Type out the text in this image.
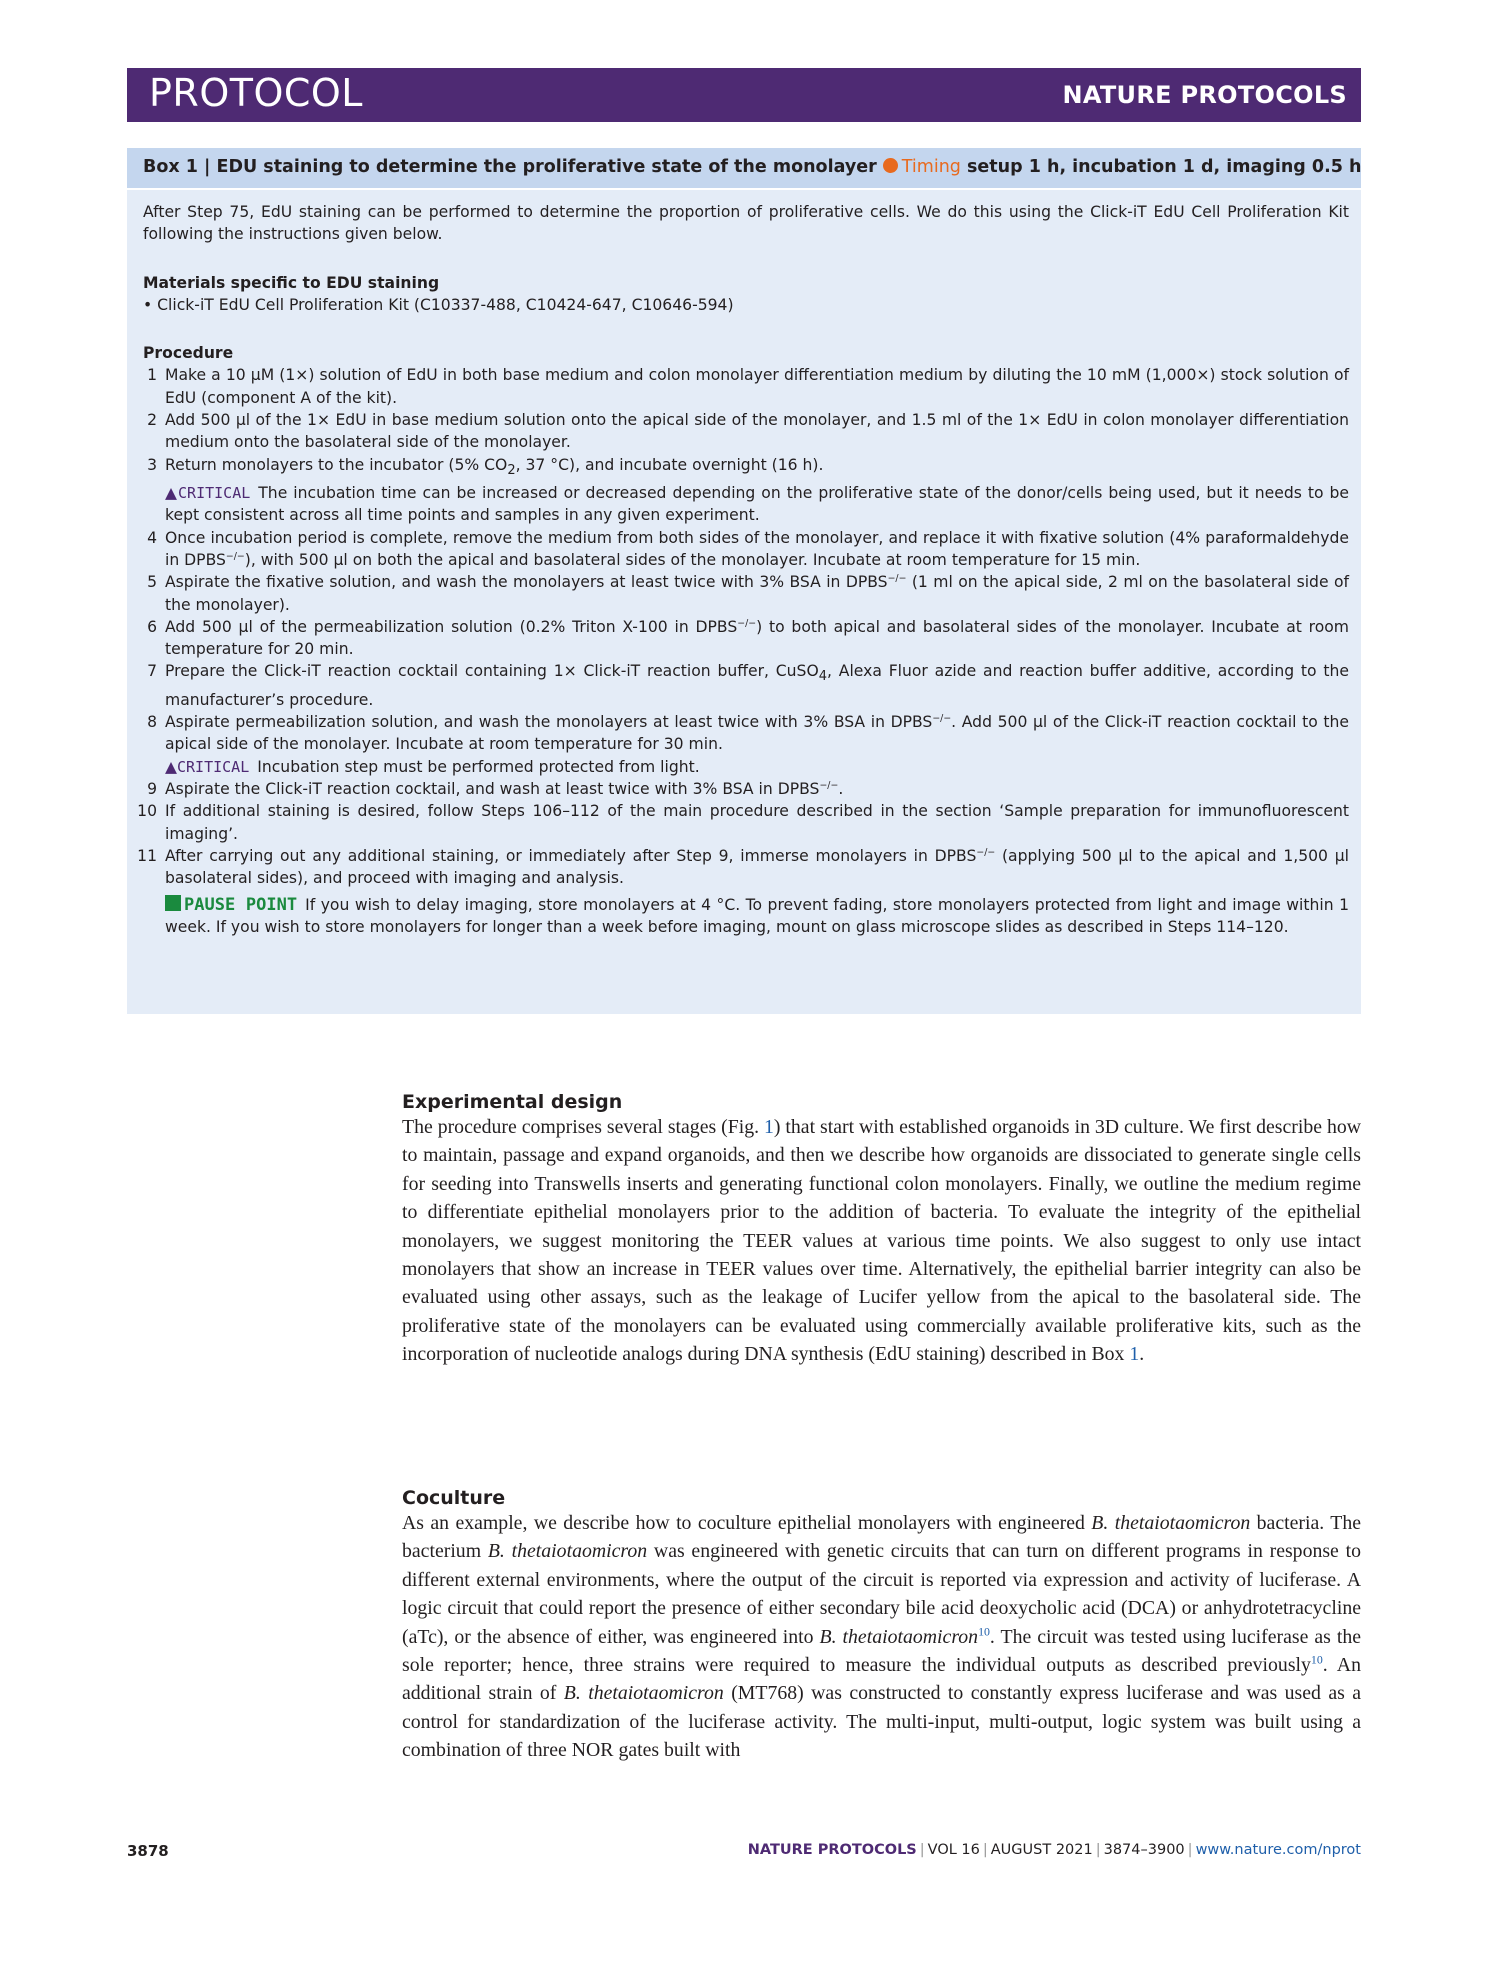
PROTOCOL	NATURE PROTOCOLS
Box 1 | EDU staining to determine the proliferative state of the monolayer Timing setup 1 h, incubation 1 d, imaging 0.5 h

After Step 75, EdU staining can be performed to determine the proportion of proliferative cells. We do this using the Click-iT EdU Cell Proliferation Kit following the instructions given below.

Materials specific to EDU staining

• Click-iT EdU Cell Proliferation Kit (C10337-488, C10424-647, C10646-594)

Procedure

1 Make a 10 μM (1×) solution of EdU in both base medium and colon monolayer differentiation medium by diluting the 10 mM (1,000×) stock solution of EdU (component A of the kit).
2 Add 500 μl of the 1× EdU in base medium solution onto the apical side of the monolayer, and 1.5 ml of the 1× EdU in colon monolayer differentiation medium onto the basolateral side of the monolayer.
3 Return monolayers to the incubator (5% $CO_2$, 37 °C), and incubate overnight (16 h).
▲CRITICAL The incubation time can be increased or decreased depending on the proliferative state of the donor/cells being used, but it needs to be kept consistent across all time points and samples in any given experiment.
4 Once incubation period is complete, remove the medium from both sides of the monolayer, and replace it with fixative solution (4% paraformaldehyde in DPBS−/−), with 500 μl on both the apical and basolateral sides of the monolayer. Incubate at room temperature for 15 min.
5 Aspirate the fixative solution, and wash the monolayers at least twice with 3% BSA in DPBS−/− (1 ml on the apical side, 2 ml on the basolateral side of the monolayer).
6 Add 500 μl of the permeabilization solution (0.2% Triton X-100 in DPBS−/−) to both apical and basolateral sides of the monolayer. Incubate at room temperature for 20 min.
7 Prepare the Click-iT reaction cocktail containing 1× Click-iT reaction buffer, CuSO$_4$, Alexa Fluor azide and reaction buffer additive, according to the manufacturer’s procedure.
8 Aspirate permeabilization solution, and wash the monolayers at least twice with 3% BSA in DPBS−/−. Add 500 μl of the Click-iT reaction cocktail to the apical side of the monolayer. Incubate at room temperature for 30 min.
▲CRITICAL Incubation step must be performed protected from light.
9 Aspirate the Click-iT reaction cocktail, and wash at least twice with 3% BSA in DPBS−/−.
10 If additional staining is desired, follow Steps 106–112 of the main procedure described in the section ‘Sample preparation for immunofluorescent imaging’.
11 After carrying out any additional staining, or immediately after Step 9, immerse monolayers in DPBS−/− (applying 500 μl to the apical and 1,500 μl basolateral sides), and proceed with imaging and analysis.
PAUSE POINT If you wish to delay imaging, store monolayers at 4 °C. To prevent fading, store monolayers protected from light and image within 1 week. If you wish to store monolayers for longer than a week before imaging, mount on glass microscope slides as described in Steps 114–120.
Experimental design

The procedure comprises several stages (Fig. 1) that start with established organoids in 3D culture. We first describe how to maintain, passage and expand organoids, and then we describe how organoids are dissociated to generate single cells for seeding into Transwells inserts and generating functional colon monolayers. Finally, we outline the medium regime to differentiate epithelial monolayers prior to the addition of bacteria. To evaluate the integrity of the epithelial monolayers, we suggest monitoring the TEER values at various time points. We also suggest to only use intact monolayers that show an increase in TEER values over time. Alternatively, the epithelial barrier integrity can also be evaluated using other assays, such as the leakage of Lucifer yellow from the apical to the basolateral side. The proliferative state of the monolayers can be evaluated using commercially available proliferative kits, such as the incorporation of nucleotide analogs during DNA synthesis (EdU staining) described in Box 1.

Coculture

As an example, we describe how to coculture epithelial monolayers with engineered B. thetaiotaomicron bacteria. The bacterium B. thetaiotaomicron was engineered with genetic circuits that can turn on different programs in response to different external environments, where the output of the circuit is reported via expression and activity of luciferase. A logic circuit that could report the presence of either secondary bile acid deoxycholic acid (DCA) or anhydrotetracycline (aTc), or the absence of either, was engineered into B. thetaiotaomicron$^{10}$. The circuit was tested using luciferase as the sole reporter; hence, three strains were required to measure the individual outputs as described previously$^{10}$. An additional strain of B. thetaiotaomicron (MT768) was constructed to constantly express luciferase and was used as a control for standardization of the luciferase activity. The multi-input, multi-output, logic system was built using a combination of three NOR gates built with

3878	NATURE PROTOCOLS | VOL 16 | AUGUST 2021 | 3874–3900 | www.nature.com/nprot
